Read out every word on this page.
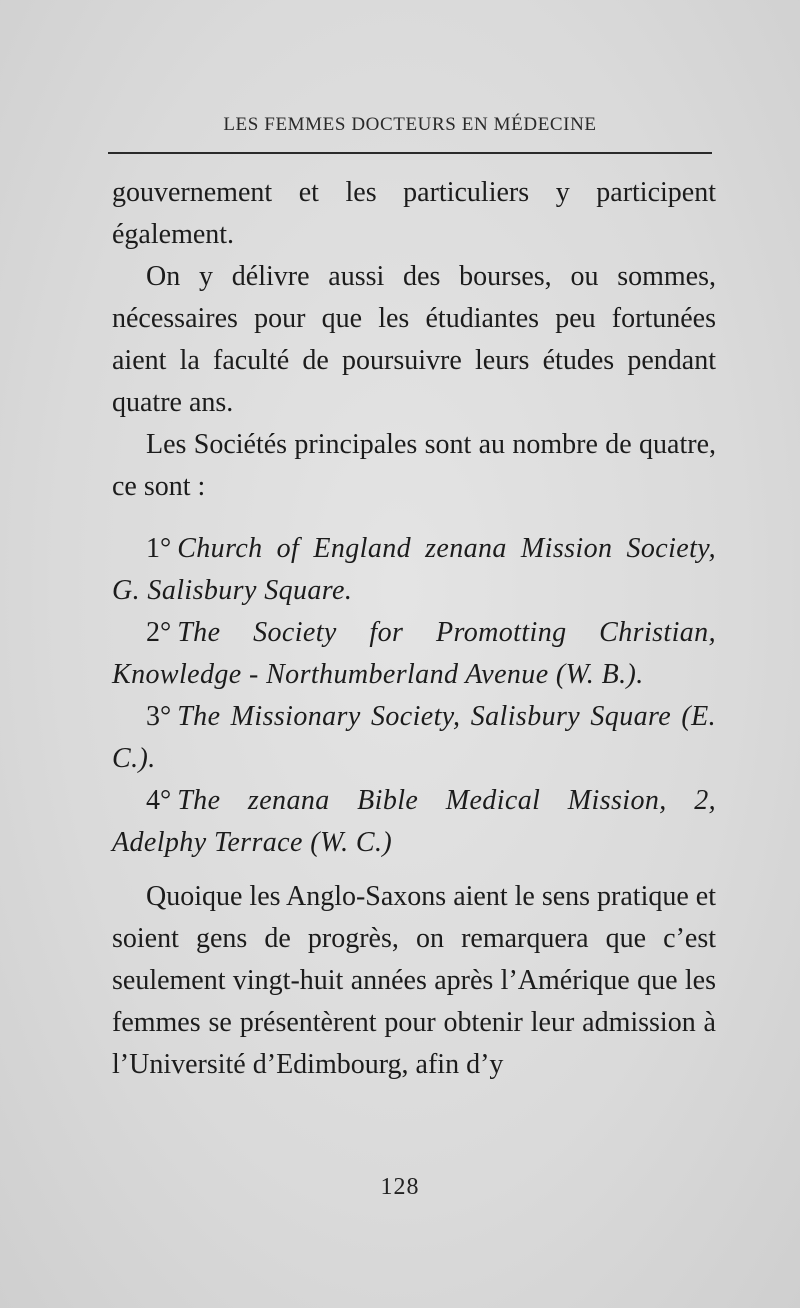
LES FEMMES DOCTEURS EN MÉDECINE

gouvernement et les particuliers y participent également.

On y délivre aussi des bourses, ou sommes, nécessaires pour que les étudiantes peu fortunées aient la faculté de poursuivre leurs études pendant quatre ans.

Les Sociétés principales sont au nombre de quatre, ce sont :

1° Church of England zenana Mission Society, G. Salisbury Square.

2° The Society for Promotting Christian, Knowledge - Northumberland Avenue (W. B.).

3° The Missionary Society, Salisbury Square (E. C.).

4° The zenana Bible Medical Mission, 2, Adelphy Terrace (W. C.)

Quoique les Anglo-Saxons aient le sens pratique et soient gens de progrès, on remarquera que c’est seulement vingt-huit années après l’Amérique que les femmes se présentèrent pour obtenir leur admission à l’Université d’Edimbourg, afin d’y

128
